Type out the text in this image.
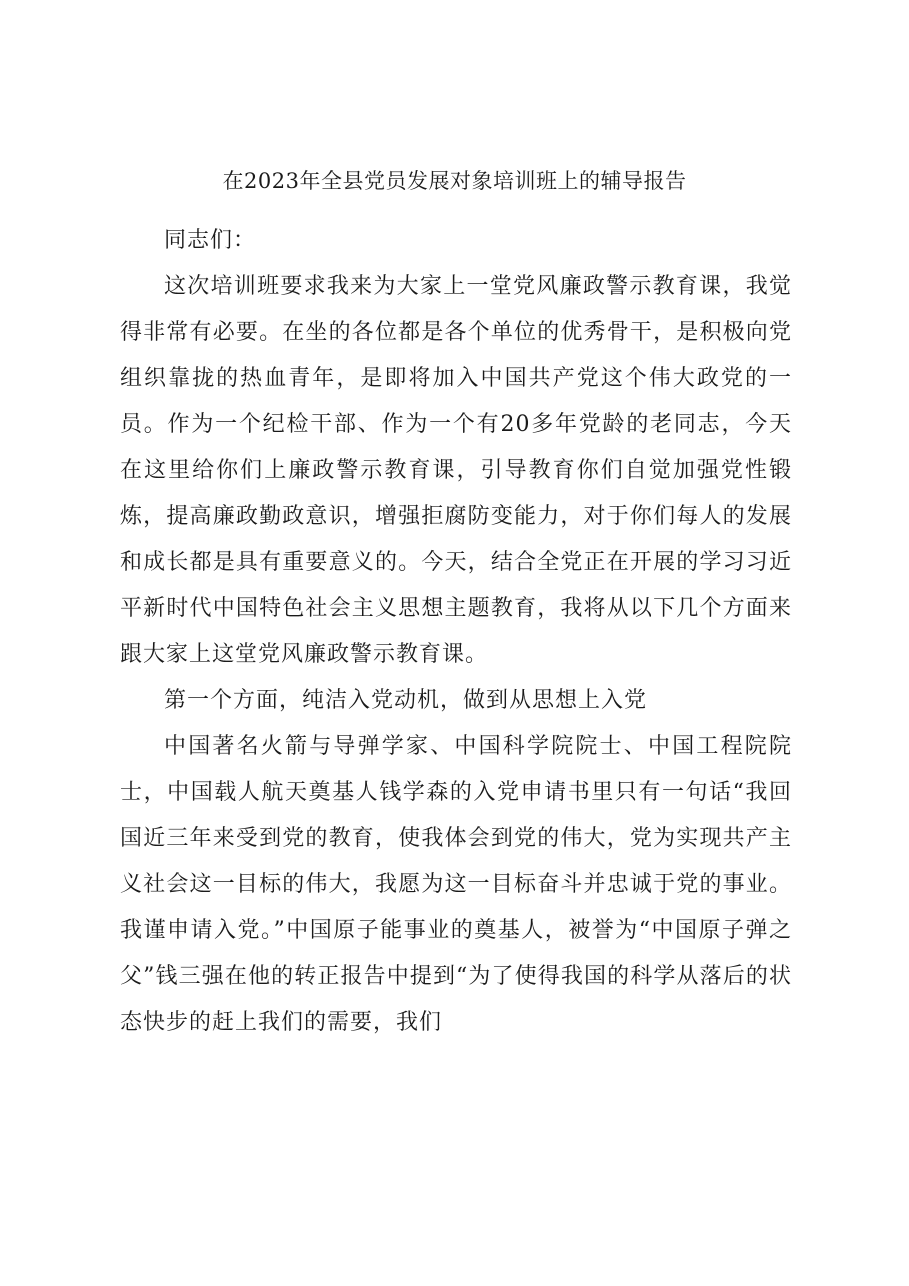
在2023年全县党员发展对象培训班上的辅导报告

同志们：

这次培训班要求我来为大家上一堂党风廉政警示教育课，我觉得非常有必要。在坐的各位都是各个单位的优秀骨干，是积极向党组织靠拢的热血青年，是即将加入中国共产党这个伟大政党的一员。作为一个纪检干部、作为一个有20多年党龄的老同志，今天在这里给你们上廉政警示教育课，引导教育你们自觉加强党性锻炼，提高廉政勤政意识，增强拒腐防变能力，对于你们每人的发展和成长都是具有重要意义的。今天，结合全党正在开展的学习习近平新时代中国特色社会主义思想主题教育，我将从以下几个方面来跟大家上这堂党风廉政警示教育课。

第一个方面，纯洁入党动机，做到从思想上入党

中国著名火箭与导弹学家、中国科学院院士、中国工程院院士，中国载人航天奠基人钱学森的入党申请书里只有一句话“我回国近三年来受到党的教育，使我体会到党的伟大，党为实现共产主义社会这一目标的伟大，我愿为这一目标奋斗并忠诚于党的事业。我谨申请入党。”中国原子能事业的奠基人，被誉为“中国原子弹之父”钱三强在他的转正报告中提到“为了使得我国的科学从落后的状态快步的赶上我们的需要，我们
